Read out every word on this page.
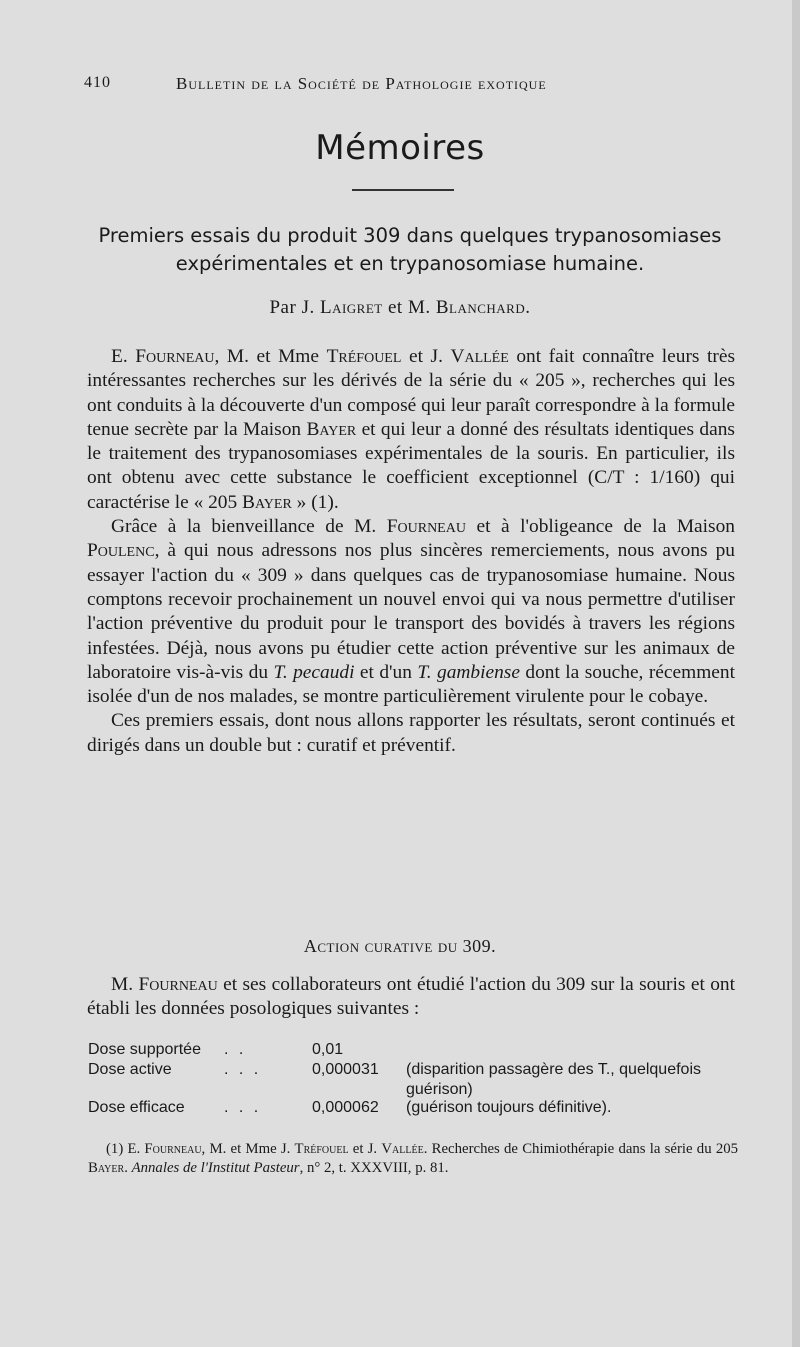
410	Bulletin de la Société de Pathologie exotique
Mémoires
Premiers essais du produit 309 dans quelques trypanosomiases expérimentales et en trypanosomiase humaine.
Par J. Laigret et M. Blanchard.

E. Fourneau, M. et Mme Tréfouel et J. Vallée ont fait connaître leurs très intéressantes recherches sur les dérivés de la série du « 205 », recherches qui les ont conduits à la découverte d'un composé qui leur paraît correspondre à la formule tenue secrète par la Maison Bayer et qui leur a donné des résultats identiques dans le traitement des trypanosomiases expérimentales de la souris. En particulier, ils ont obtenu avec cette substance le coefficient exceptionnel (C/T : 1/160) qui caractérise le « 205 Bayer » (1).

Grâce à la bienveillance de M. Fourneau et à l'obligeance de la Maison Poulenc, à qui nous adressons nos plus sincères remerciements, nous avons pu essayer l'action du « 309 » dans quelques cas de trypanosomiase humaine. Nous comptons recevoir prochainement un nouvel envoi qui va nous permettre d'utiliser l'action préventive du produit pour le transport des bovidés à travers les régions infestées. Déjà, nous avons pu étudier cette action préventive sur les animaux de laboratoire vis-à-vis du T. pecaudi et d'un T. gambiense dont la souche, récemment isolée d'un de nos malades, se montre particulièrement virulente pour le cobaye.

Ces premiers essais, dont nous allons rapporter les résultats, seront continués et dirigés dans un double but : curatif et préventif.

Action curative du 309.

M. Fourneau et ses collaborateurs ont étudié l'action du 309 sur la souris et ont établi les données posologiques suivantes :

Dose supportée . .	0,01
Dose active	. . .	0,000031 (disparition passagère des T., quelquefois guérison)
Dose efficace . . .	0,000062 (guérison toujours définitive).

(1) E. Fourneau, M. et Mme J. Tréfouel et J. Vallée. Recherches de Chimiothérapie dans la série du 205 Bayer. Annales de l'Institut Pasteur, n° 2, t. XXXVIII, p. 81.
